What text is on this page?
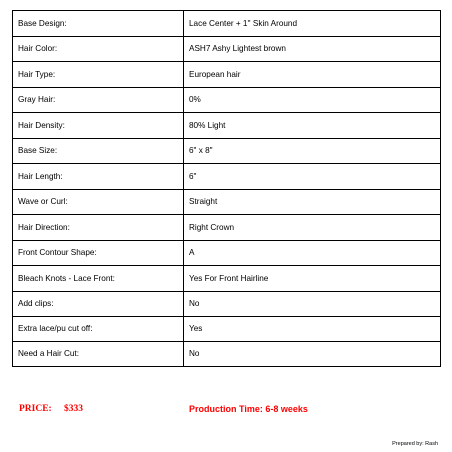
Base Design:	Lace Center + 1'' Skin Around
Hair Color:	ASH7 Ashy Lightest brown
Hair Type:	European hair
Gray Hair:	0%
Hair Density:	80% Light
Base Size:	6" x 8"
Hair Length:	6"
Wave or Curl:	Straight
Hair Direction:	Right Crown
Front Contour Shape:	A
Bleach Knots - Lace Front:	Yes For Front Hairline
Add clips:	No
Extra lace/pu cut off:	Yes
Need a Hair Cut:	No
PRICE: $333	Production Time: 6-8 weeks
Prepared by: Rash
